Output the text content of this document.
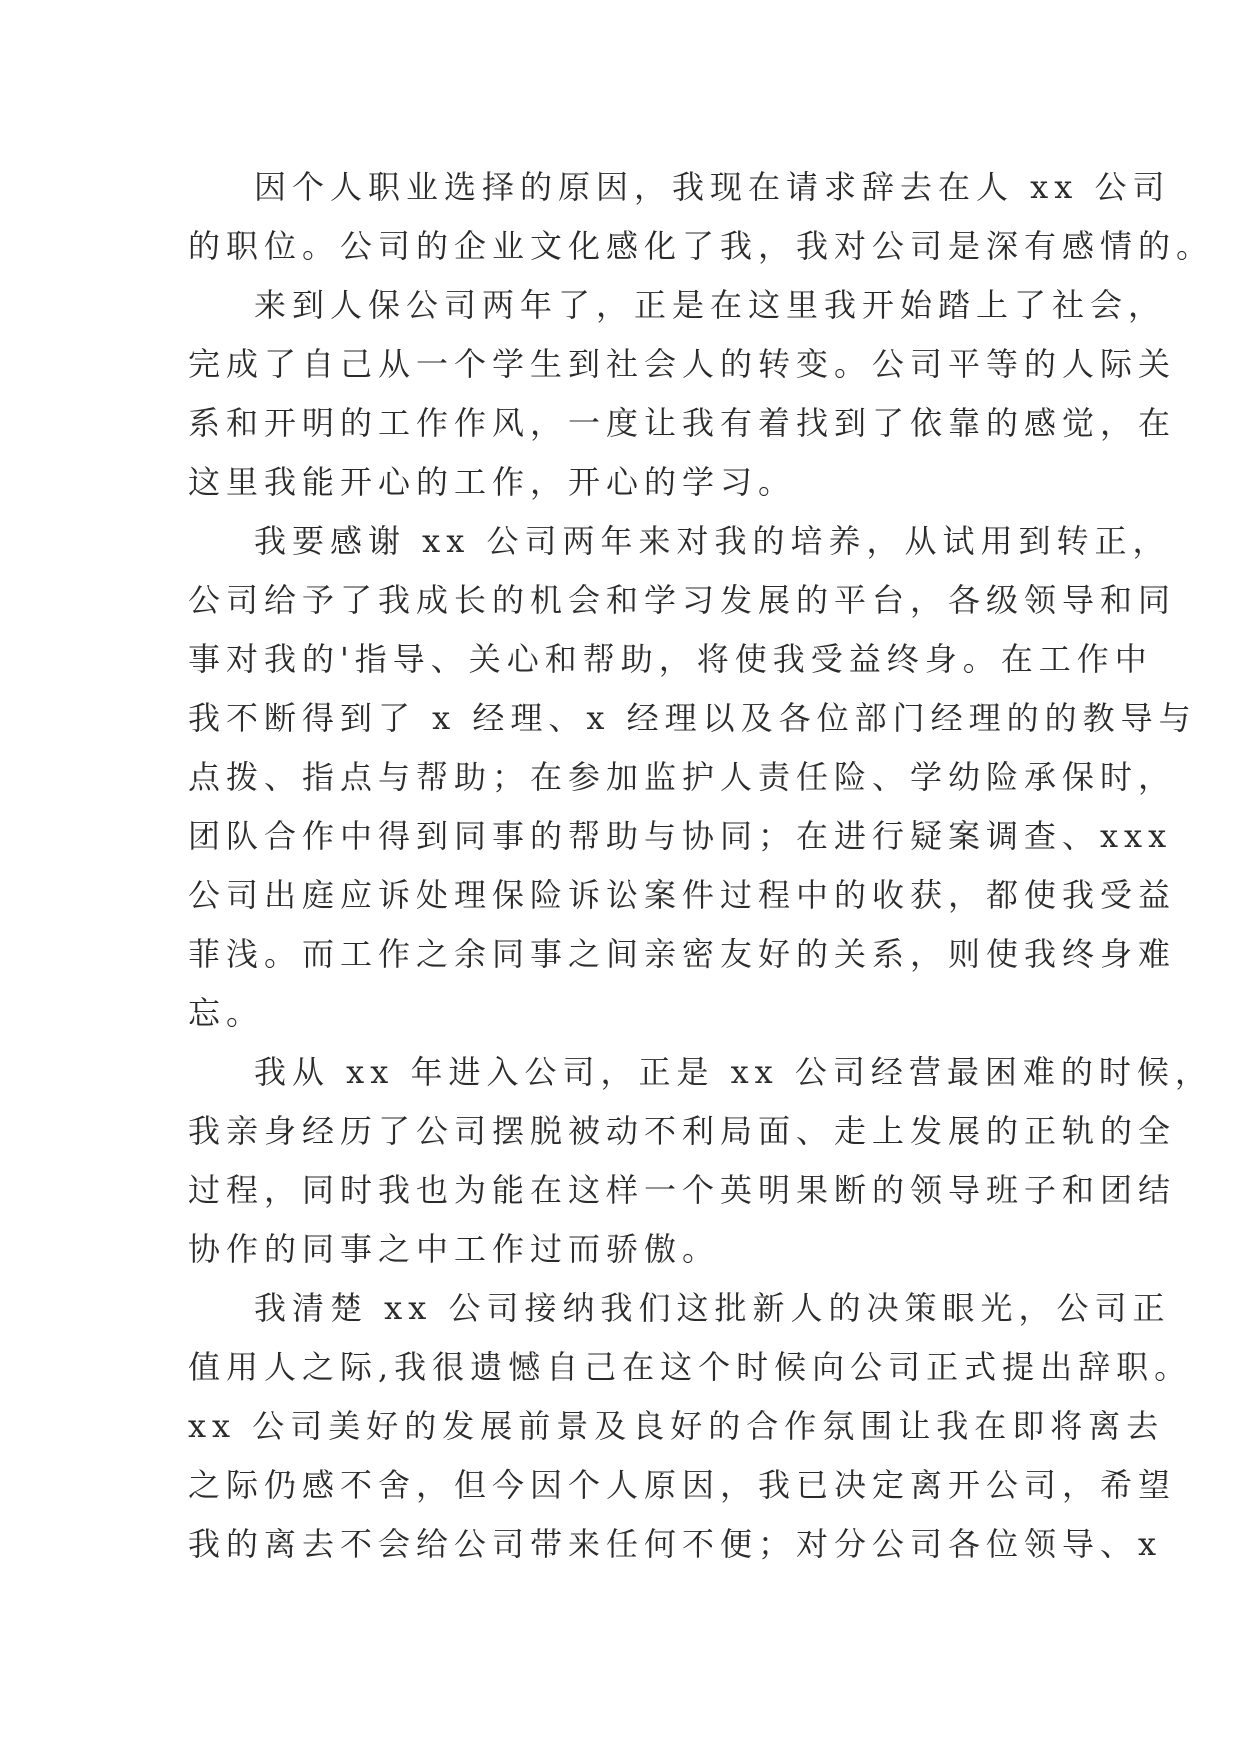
因个人职业选择的原因，我现在请求辞去在人 xx 公司
的职位。公司的企业文化感化了我，我对公司是深有感情的。

来到人保公司两年了，正是在这里我开始踏上了社会，
完成了自己从一个学生到社会人的转变。公司平等的人际关
系和开明的工作作风，一度让我有着找到了依靠的感觉，在
这里我能开心的工作，开心的学习。

我要感谢 xx 公司两年来对我的培养，从试用到转正，
公司给予了我成长的机会和学习发展的平台，各级领导和同
事对我的'指导、关心和帮助，将使我受益终身。在工作中
我不断得到了 x 经理、x 经理以及各位部门经理的的教导与
点拨、指点与帮助；在参加监护人责任险、学幼险承保时，
团队合作中得到同事的帮助与协同；在进行疑案调查、xxx
公司出庭应诉处理保险诉讼案件过程中的收获，都使我受益
菲浅。而工作之余同事之间亲密友好的关系，则使我终身难
忘。

我从 xx 年进入公司，正是 xx 公司经营最困难的时候，
我亲身经历了公司摆脱被动不利局面、走上发展的正轨的全
过程，同时我也为能在这样一个英明果断的领导班子和团结
协作的同事之中工作过而骄傲。

我清楚 xx 公司接纳我们这批新人的决策眼光，公司正
值用人之际,我很遗憾自己在这个时候向公司正式提出辞职。
xx 公司美好的发展前景及良好的合作氛围让我在即将离去
之际仍感不舍，但今因个人原因，我已决定离开公司，希望
我的离去不会给公司带来任何不便；对分公司各位领导、x
